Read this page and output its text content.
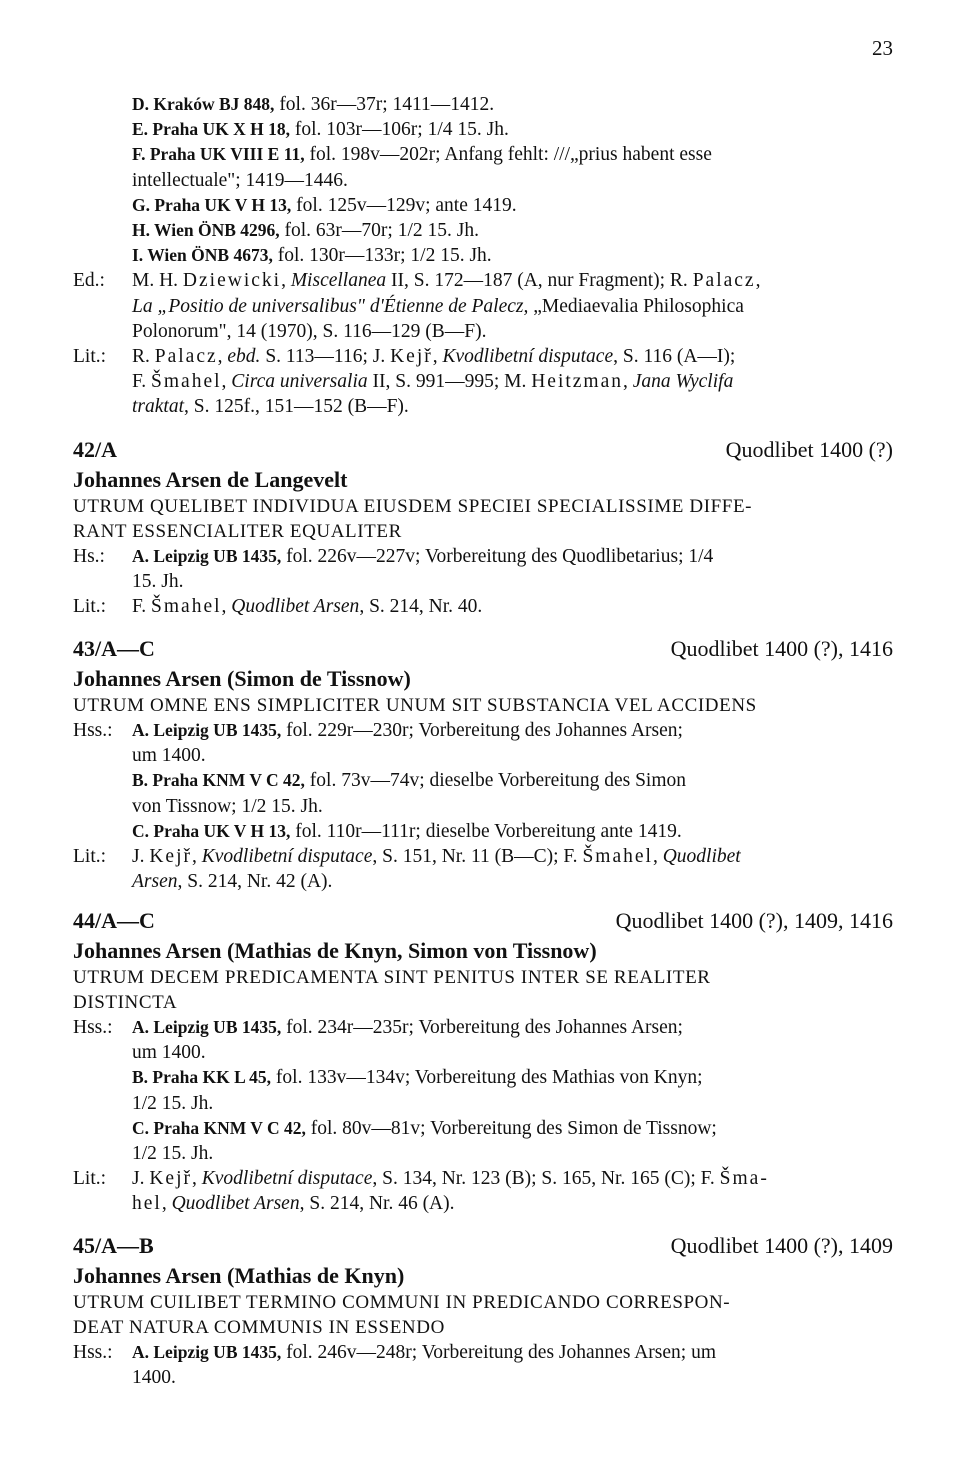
23
D. Kraków BJ 848, fol. 36r—37r; 1411—1412.
E. Praha UK X H 18, fol. 103r—106r; 1/4 15. Jh.
F. Praha UK VIII E 11, fol. 198v—202r; Anfang fehlt: ///„prius habent esse
intellectuale"; 1419—1446.
G. Praha UK V H 13, fol. 125v—129v; ante 1419.
H. Wien ÖNB 4296, fol. 63r—70r; 1/2 15. Jh.
I. Wien ÖNB 4673, fol. 130r—133r; 1/2 15. Jh.
Ed.:	M. H. Dziewicki, Miscellanea II, S. 172—187 (A, nur Fragment); R. Palacz,
La „Positio de universalibus" d'Étienne de Palecz, „Mediaevalia Philosophica
Polonorum", 14 (1970), S. 116—129 (B—F).
Lit.:	R. Palacz, ebd. S. 113—116; J. Kejř, Kvodlibetní disputace, S. 116 (A—I);
F. Šmahel, Circa universalia II, S. 991—995; M. Heitzman, Jana Wyclifa
traktat, S. 125f., 151—152 (B—F).
42/A	Quodlibet 1400 (?)
Johannes Arsen de Langevelt
UTRUM QUELIBET INDIVIDUA EIUSDEM SPECIEI SPECIALISSIME DIFFE-
RANT ESSENCIALITER EQUALITER
Hs.:	A. Leipzig UB 1435, fol. 226v—227v; Vorbereitung des Quodlibetarius; 1/4
15. Jh.
Lit.:	F. Šmahel, Quodlibet Arsen, S. 214, Nr. 40.
43/A—C	Quodlibet 1400 (?), 1416
Johannes Arsen (Simon de Tissnow)
UTRUM OMNE ENS SIMPLICITER UNUM SIT SUBSTANCIA VEL ACCIDENS
Hss.:	A. Leipzig UB 1435, fol. 229r—230r; Vorbereitung des Johannes Arsen;
um 1400.
B. Praha KNM V C 42, fol. 73v—74v; dieselbe Vorbereitung des Simon
von Tissnow; 1/2 15. Jh.
C. Praha UK V H 13, fol. 110r—111r; dieselbe Vorbereitung ante 1419.
Lit.:	J. Kejř, Kvodlibetní disputace, S. 151, Nr. 11 (B—C); F. Šmahel, Quodlibet
Arsen, S. 214, Nr. 42 (A).
44/A—C	Quodlibet 1400 (?), 1409, 1416
Johannes Arsen (Mathias de Knyn, Simon von Tissnow)
UTRUM DECEM PREDICAMENTA SINT PENITUS INTER SE REALITER
DISTINCTA
Hss.:	A. Leipzig UB 1435, fol. 234r—235r; Vorbereitung des Johannes Arsen;
um 1400.
B. Praha KK L 45, fol. 133v—134v; Vorbereitung des Mathias von Knyn;
1/2 15. Jh.
C. Praha KNM V C 42, fol. 80v—81v; Vorbereitung des Simon de Tissnow;
1/2 15. Jh.
Lit.:	J. Kejř, Kvodlibetní disputace, S. 134, Nr. 123 (B); S. 165, Nr. 165 (C); F. Šma-
hel, Quodlibet Arsen, S. 214, Nr. 46 (A).
45/A—B	Quodlibet 1400 (?), 1409
Johannes Arsen (Mathias de Knyn)
UTRUM CUILIBET TERMINO COMMUNI IN PREDICANDO CORRESPON-
DEAT NATURA COMMUNIS IN ESSENDO
Hss.:	A. Leipzig UB 1435, fol. 246v—248r; Vorbereitung des Johannes Arsen; um
1400.
